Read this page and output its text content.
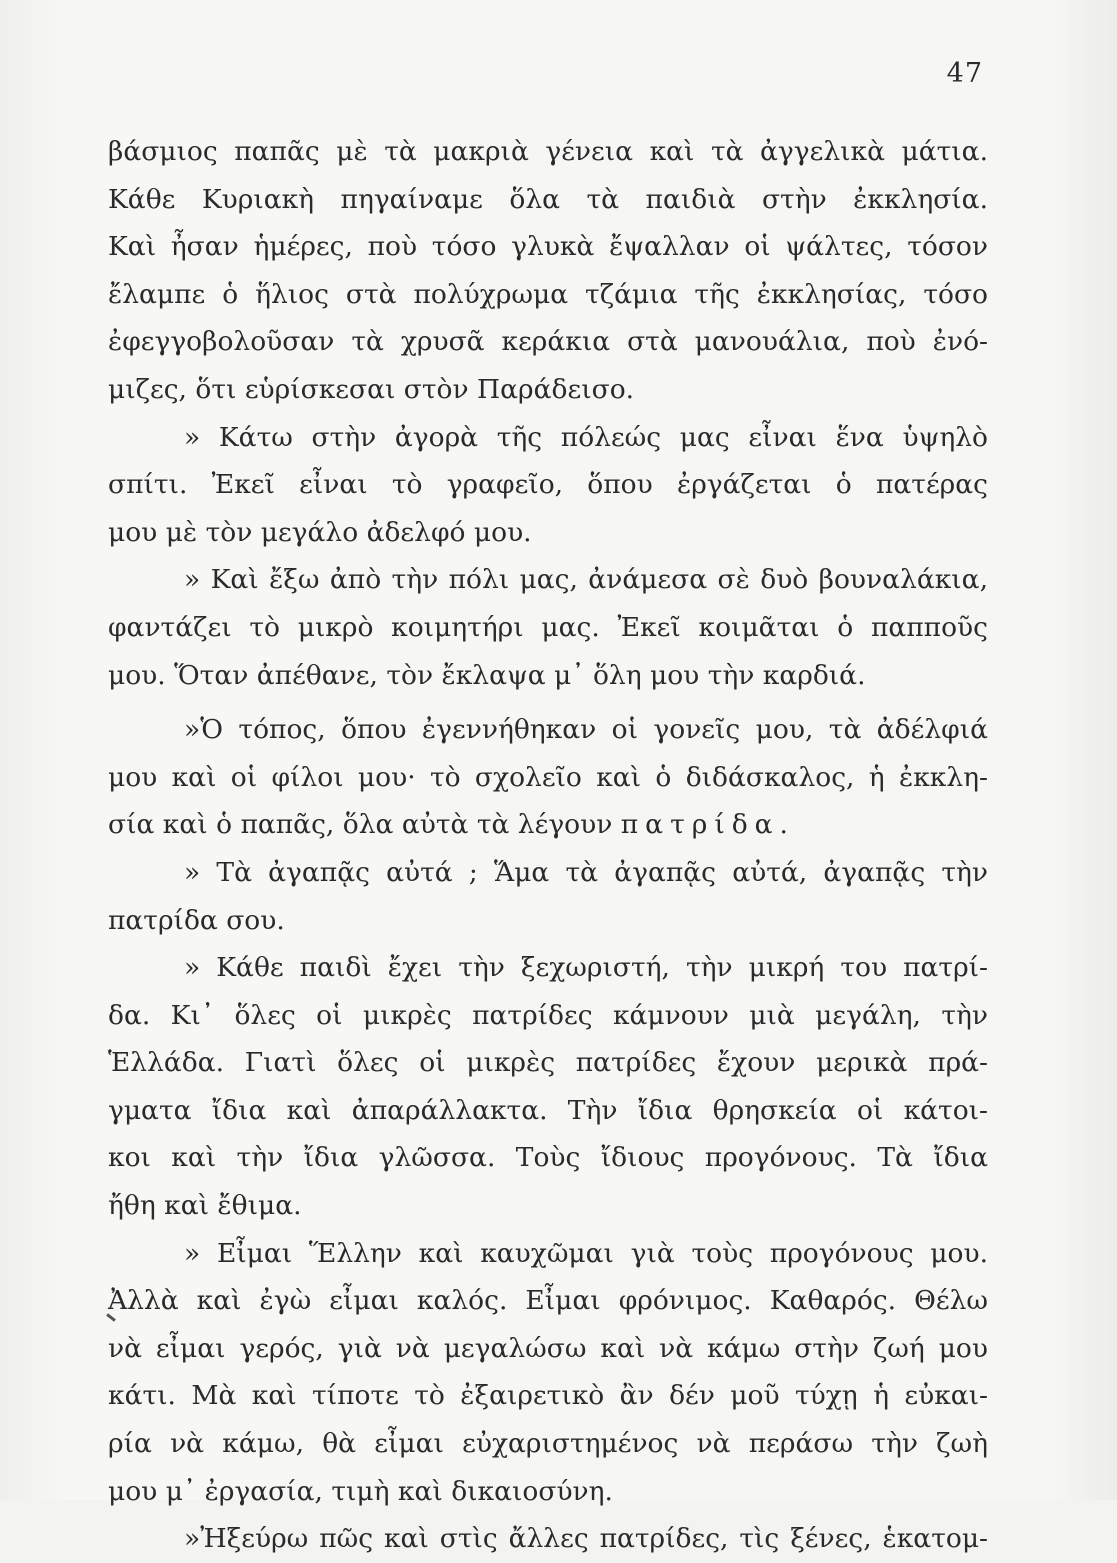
47
βάσμιος παπᾶς μὲ τὰ μακριὰ γένεια καὶ τὰ ἀγγελικὰ μάτια.
Κάθε Κυριακὴ πηγαίναμε ὅλα τὰ παιδιὰ στὴν ἐκκλησία.
Καὶ ἦσαν ἡμέρες, ποὺ τόσο γλυκὰ ἔψαλλαν οἱ ψάλτες, τόσον
ἔλαμπε ὁ ἥλιος στὰ πολύχρωμα τζάμια τῆς ἐκκλησίας, τόσο
ἐφεγγοβολοῦσαν τὰ χρυσᾶ κεράκια στὰ μανουάλια, ποὺ ἐνό-
μιζες, ὅτι εὑρίσκεσαι στὸν Παράδεισο.
» Κάτω στὴν ἀγορὰ τῆς πόλεώς μας εἶναι ἕνα ὑψηλὸ
σπίτι. Ἐκεῖ εἶναι τὸ γραφεῖο, ὅπου ἐργάζεται ὁ πατέρας
μου μὲ τὸν μεγάλο ἀδελφό μου.
» Καὶ ἔξω ἀπὸ τὴν πόλι μας, ἀνάμεσα σὲ δυὸ βουναλάκια,
φαντάζει τὸ μικρὸ κοιμητήρι μας. Ἐκεῖ κοιμᾶται ὁ παπποῦς
μου. Ὅταν ἀπέθανε, τὸν ἔκλαψα μ᾽ ὅλη μου τὴν καρδιά.
»Ὁ τόπος, ὅπου ἐγεννήθηκαν οἱ γονεῖς μου, τὰ ἀδέλφιά
μου καὶ οἱ φίλοι μου· τὸ σχολεῖο καὶ ὁ διδάσκαλος, ἡ ἐκκλη-
σία καὶ ὁ παπᾶς, ὅλα αὐτὰ τὰ λέγουν πατρίδα.
» Τὰ ἀγαπᾷς αὐτά ; Ἅμα τὰ ἀγαπᾷς αὐτά, ἀγαπᾷς τὴν
πατρίδα σου.
» Κάθε παιδὶ ἔχει τὴν ξεχωριστή, τὴν μικρή του πατρί-
δα. Κι᾽ ὅλες οἱ μικρὲς πατρίδες κάμνουν μιὰ μεγάλη, τὴν
Ἑλλάδα. Γιατὶ ὅλες οἱ μικρὲς πατρίδες ἔχουν μερικὰ πρά-
γματα ἴδια καὶ ἀπαράλλακτα. Τὴν ἴδια θρησκεία οἱ κάτοι-
κοι καὶ τὴν ἴδια γλῶσσα. Τοὺς ἴδιους προγόνους. Τὰ ἴδια
ἤθη καὶ ἔθιμα.
» Εἶμαι Ἕλλην καὶ καυχῶμαι γιὰ τοὺς προγόνους μου.
Ἀλλὰ καὶ ἐγὼ εἶμαι καλός. Εἶμαι φρόνιμος. Καθαρός. Θέλω
νὰ εἶμαι γερός, γιὰ νὰ μεγαλώσω καὶ νὰ κάμω στὴν ζωή μου
κάτι. Μὰ καὶ τίποτε τὸ ἐξαιρετικὸ ἂν δέν μοῦ τύχῃ ἡ εὐκαι-
ρία νὰ κάμω, θὰ εἶμαι εὐχαριστημένος νὰ περάσω τὴν ζωὴ
μου μ᾽ ἐργασία, τιμὴ καὶ δικαιοσύνη.
»Ἠξεύρω πῶς καὶ στὶς ἄλλες πατρίδες, τὶς ξένες, ἑκατομ-
